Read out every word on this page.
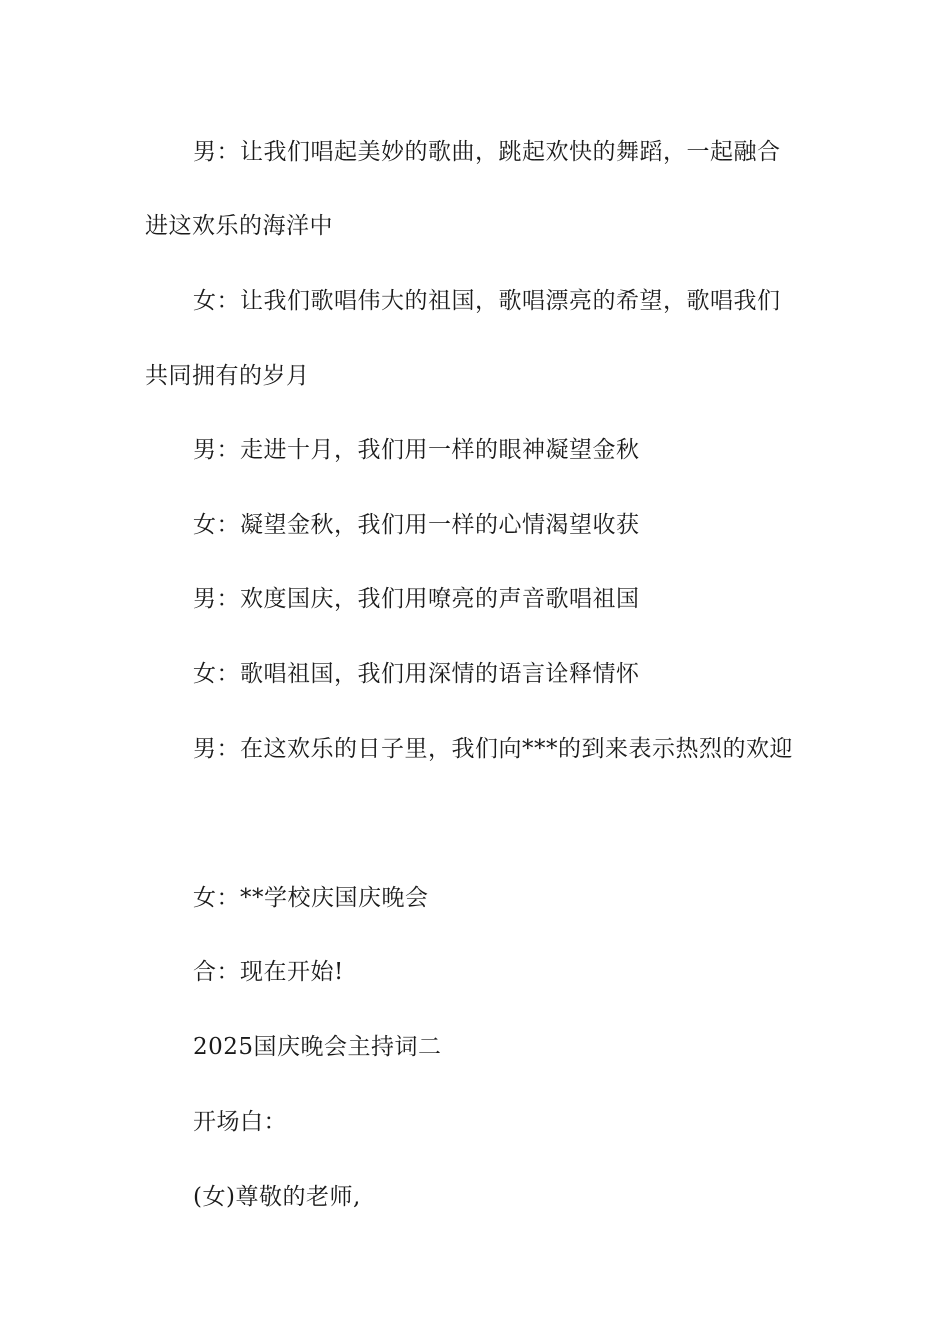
男：让我们唱起美妙的歌曲，跳起欢快的舞蹈，一起融合
进这欢乐的海洋中
女：让我们歌唱伟大的祖国，歌唱漂亮的希望，歌唱我们
共同拥有的岁月
男：走进十月，我们用一样的眼神凝望金秋
女：凝望金秋，我们用一样的心情渴望收获
男：欢度国庆，我们用嘹亮的声音歌唱祖国
女：歌唱祖国，我们用深情的语言诠释情怀
男：在这欢乐的日子里，我们向***的到来表示热烈的欢迎
女：**学校庆国庆晚会
合：现在开始!
2025国庆晚会主持词二
开场白：
(女)尊敬的老师,
